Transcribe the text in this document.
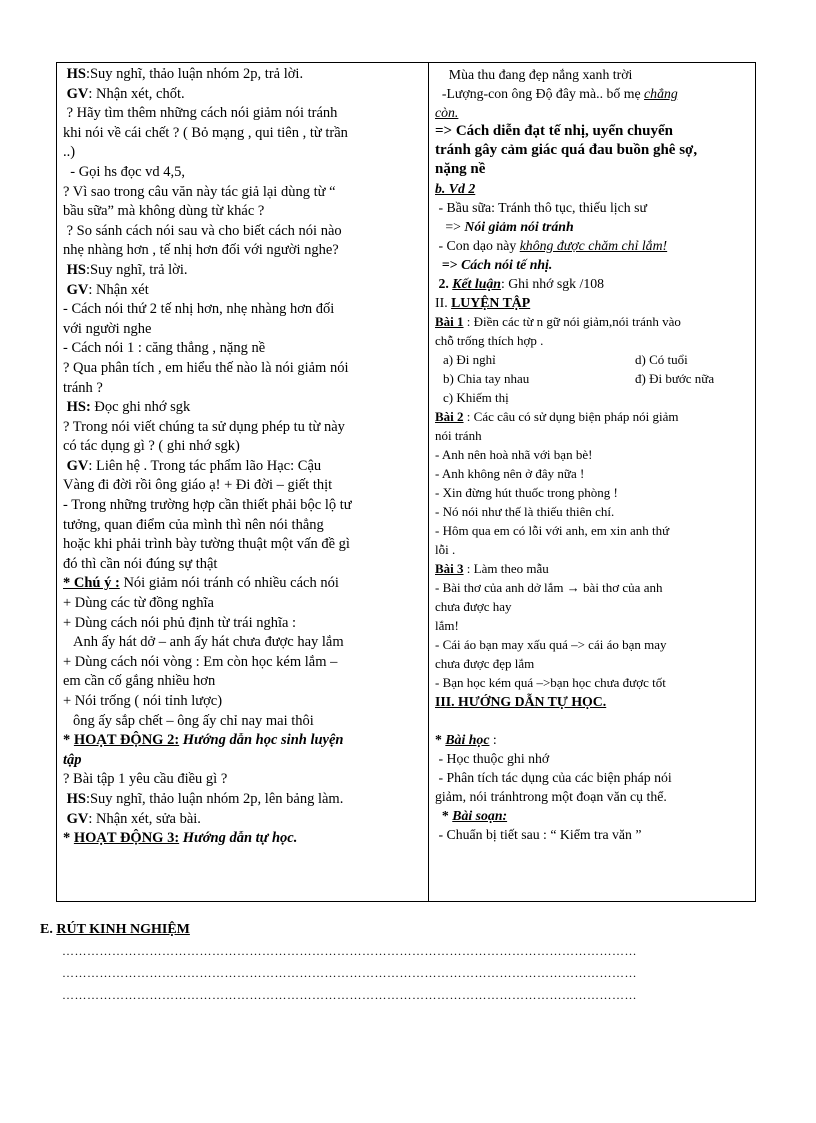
HS:Suy nghĩ, thảo luận nhóm 2p, trả lời.
GV: Nhận xét, chốt.
? Hãy tìm thêm những cách nói giảm nói tránh
khi nói về cái chết ? ( Bỏ mạng , qui tiên , từ trần
..)
- Gọi hs đọc vd 4,5,
? Vì sao trong câu văn này tác giả lại dùng từ “
bầu sữa” mà không dùng từ khác ?
? So sánh cách nói sau và cho biết cách nói nào
nhẹ nhàng hơn , tế nhị hơn đối với người nghe?
HS:Suy nghĩ, trả lời.
GV: Nhận xét
- Cách nói thứ 2 tế nhị hơn, nhẹ nhàng hơn đối
với người nghe
- Cách nói 1 : căng thẳng , nặng nề
? Qua phân tích , em hiểu thế nào là nói giảm nói
tránh ?
HS: Đọc ghi nhớ sgk
? Trong nói viết chúng ta sử dụng phép tu từ này
có tác dụng gì ? ( ghi nhớ sgk)
GV: Liên hệ . Trong tác phẩm lão Hạc: Cậu
Vàng đi đời rồi ông giáo ạ! + Đi đời – giết thịt
- Trong những trường hợp cần thiết phải bộc lộ tư
tưởng, quan điểm của mình thì nên nói thẳng
hoặc khi phải trình bày tường thuật một vấn đề gì
đó thì cần nói đúng sự thật
* Chú ý : Nói giảm nói tránh có nhiều cách nói
+ Dùng các từ đồng nghĩa
+ Dùng cách nói phủ định từ trái nghĩa :
Anh ấy hát dở – anh ấy hát chưa được hay lắm
+ Dùng cách nói vòng : Em còn học kém lắm –
em cần cố gắng nhiều hơn
+ Nói trống ( nói tỉnh lược)
ông ấy sắp chết – ông ấy chỉ nay mai thôi
* HOẠT ĐỘNG 2: Hướng dẫn học sinh luyện
tập
? Bài tập 1 yêu cầu điều gì ?
HS:Suy nghĩ, thảo luận nhóm 2p, lên bảng làm.
GV: Nhận xét, sửa bài.
* HOẠT ĐỘNG 3: Hướng dẫn tự học.
Mùa thu đang đẹp nắng xanh trời
-Lượng-con ông Độ đây mà.. bố mẹ chẳng
còn.
=> Cách diễn đạt tế nhị, uyển chuyển
tránh gây cảm giác quá đau buồn ghê sợ,
nặng nề
b. Vd 2
- Bầu sữa: Tránh thô tục, thiếu lịch sư
=> Nói giảm nói tránh
- Con dạo này không được chăm chỉ lắm!
=> Cách nói tế nhị.
2. Kết luận: Ghi nhớ sgk /108
II. LUYỆN TẬP
Bài 1 : Điền các từ n gữ nói giảm,nói tránh vào
chỗ trống thích hợp .
a) Đi nghỉ	d) Có tuổi
b) Chia tay nhau	đ) Đi bước nữa
c) Khiếm thị
Bài 2 : Các câu có sử dụng biện pháp nói giảm
nói tránh
- Anh nên hoà nhã với bạn bè!
- Anh không nên ở đây nữa !
- Xin đừng hút thuốc trong phòng !
- Nó nói như thế là thiếu thiên chí.
- Hôm qua em có lỗi với anh, em xin anh thứ
lỗi .
Bài 3 : Làm theo mẫu
- Bài thơ của anh dở lắm → bài thơ của anh
chưa được hay
lắm!
- Cái áo bạn may xấu quá –> cái áo bạn may
chưa được đẹp lắm
- Bạn học kém quá –>bạn học chưa được tốt
III. HƯỚNG DẪN TỰ HỌC.

* Bài học :
- Học thuộc ghi nhớ
- Phân tích tác dụng của các biện pháp nói
giảm, nói tránhtrong một đoạn văn cụ thể.
* Bài soạn:
- Chuẩn bị tiết sau : “ Kiểm tra văn ”
E. RÚT KINH NGHIỆM
…………………………………………………………………………………………………………………………
…………………………………………………………………………………………………………………………
…………………………………………………………………………………………………………………………
